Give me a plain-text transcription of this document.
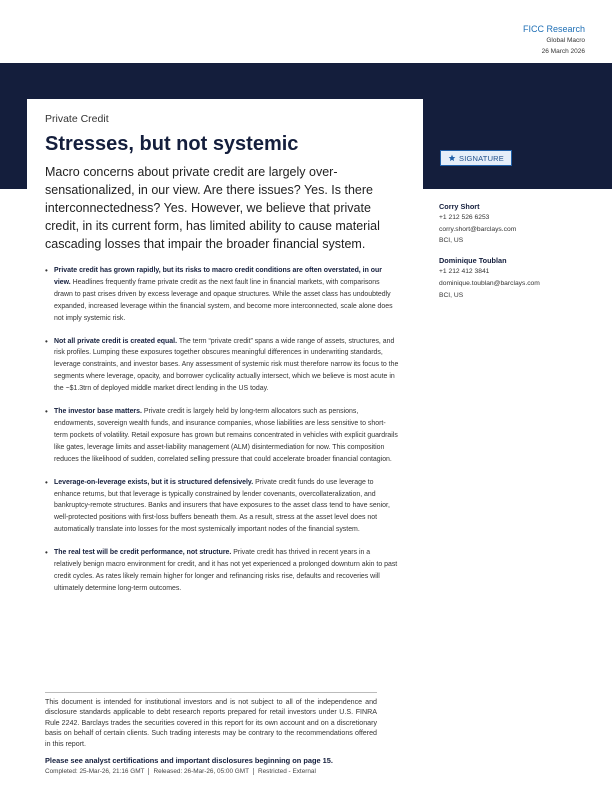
FICC Research
Global Macro
26 March 2026

Private Credit

Stresses, but not systemic

Macro concerns about private credit are largely over-sensationalized, in our view. Are there issues? Yes. Is there interconnectedness? Yes. However, we believe that private credit, in its current form, has limited ability to cause material cascading losses that impair the broader financial system.

• Private credit has grown rapidly, but its risks to macro credit conditions are often overstated, in our view. Headlines frequently frame private credit as the next fault line in financial markets, with comparisons drawn to past crises driven by excess leverage and opaque structures. While the asset class has undoubtedly expanded, increased leverage within the financial system, and become more interconnected, scale alone does not imply systemic risk.
• Not all private credit is created equal. The term “private credit” spans a wide range of assets, structures, and risk profiles. Lumping these exposures together obscures meaningful differences in underwriting standards, leverage constraints, and investor bases. Any assessment of systemic risk must therefore narrow its focus to the segments where leverage, opacity, and borrower cyclicality actually intersect, which we believe is most acute in the ~$1.3trn of deployed middle market direct lending in the US today.
• The investor base matters. Private credit is largely held by long-term allocators such as pensions, endowments, sovereign wealth funds, and insurance companies, whose liabilities are less sensitive to short-term pockets of volatility. Retail exposure has grown but remains concentrated in vehicles with explicit guardrails like gates, leverage limits and asset-liability management (ALM) disintermediation for now. This composition reduces the likelihood of sudden, correlated selling pressure that could accelerate broader financial contagion.
• Leverage-on-leverage exists, but it is structured defensively. Private credit funds do use leverage to enhance returns, but that leverage is typically constrained by lender covenants, overcollateralization, and bankruptcy-remote structures. Banks and insurers that have exposures to the asset class tend to have senior, well-protected positions with first-loss buffers beneath them. As a result, stress at the asset level does not automatically translate into losses for the most systemically important nodes of the financial system.
• The real test will be credit performance, not structure. Private credit has thrived in recent years in a relatively benign macro environment for credit, and it has not yet experienced a prolonged downturn akin to past credit cycles. As rates likely remain higher for longer and refinancing risks rise, defaults and recoveries will ultimately determine long-term outcomes.
SIGNATURE
Corry Short
+1 212 526 6253
corry.short@barclays.com
BCI, US
Dominique Toublan
+1 212 412 3841
dominique.toublan@barclays.com
BCI, US

This document is intended for institutional investors and is not subject to all of the independence and disclosure standards applicable to debt research reports prepared for retail investors under U.S. FINRA Rule 2242. Barclays trades the securities covered in this report for its own account and on a discretionary basis on behalf of certain clients. Such trading interests may be contrary to the recommendations offered in this report.

Please see analyst certifications and important disclosures beginning on page 15.

Completed: 25-Mar-26, 21:16 GMT	Released: 26-Mar-26, 05:00 GMT	Restricted - External
